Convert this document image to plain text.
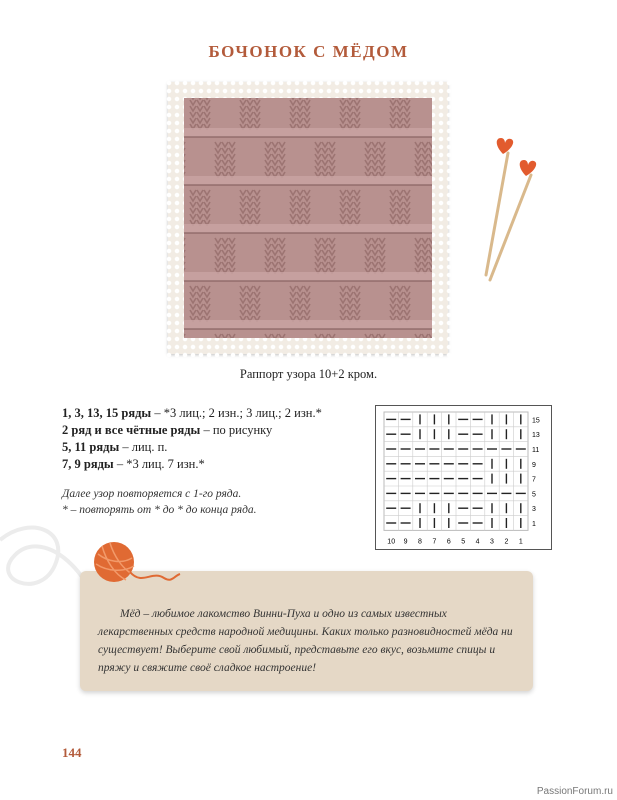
БОЧОНОК С МЁДОМ
Раппорт узора 10+2 кром.
1, 3, 13, 15 ряды – *3 лиц.; 2 изн.; 3 лиц.; 2 изн.*
2 ряд и все чётные ряды – по рисунку
5, 11 ряды – лиц. п.
7, 9 ряды – *3 лиц. 7 изн.*
Далее узор повторяется с 1-го ряда.
* – повторять от * до * до конца ряда.
15
13
11
9
7
5
3
1
10 9 8 7 6 5 4 3 2 1
Мёд – любимое лакомство Винни-Пуха и одно из самых известных лекарственных средств народной медицины. Каких только разновидностей мёда ни существует! Выберите свой любимый, представьте его вкус, возьмите спицы и пряжу и свяжите своё сладкое настроение!
144
PassionForum.ru
